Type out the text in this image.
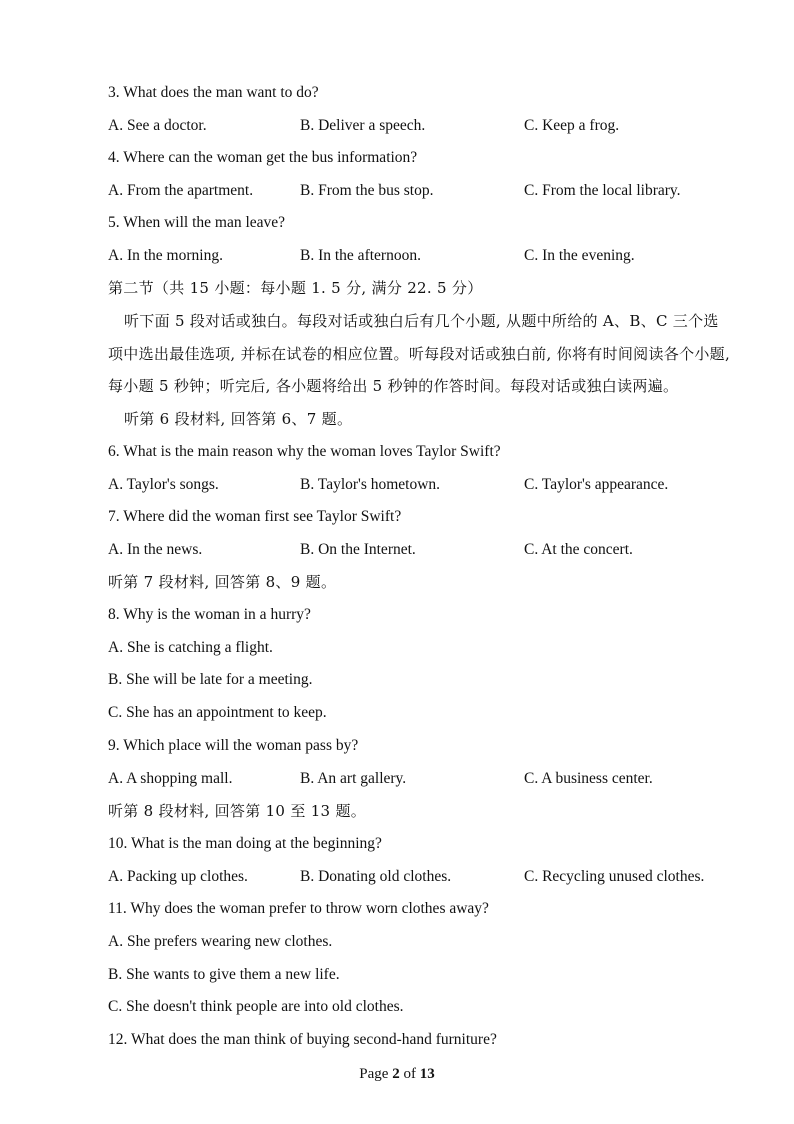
3. What does the man want to do?
A. See a doctor.	B. Deliver a speech.	C. Keep a frog.
4. Where can the woman get the bus information?
A. From the apartment.	B. From the bus stop.	C. From the local library.
5. When will the man leave?
A. In the morning.	B. In the afternoon.	C. In the evening.
第二节（共 15 小题：每小题 1. 5 分, 满分 22. 5 分）
听下面 5 段对话或独白。每段对话或独白后有几个小题, 从题中所给的 A、B、C 三个选
项中选出最佳选项, 并标在试卷的相应位置。听每段对话或独白前, 你将有时间阅读各个小题,
每小题 5 秒钟；听完后, 各小题将给出 5 秒钟的作答时间。每段对话或独白读两遍。
听第 6 段材料, 回答第 6、7 题。
6. What is the main reason why the woman loves Taylor Swift?
A. Taylor's songs.	B. Taylor's hometown.	C. Taylor's appearance.
7. Where did the woman first see Taylor Swift?
A. In the news.	B. On the Internet.	C. At the concert.
听第 7 段材料, 回答第 8、9 题。
8. Why is the woman in a hurry?
A. She is catching a flight.
B. She will be late for a meeting.
C. She has an appointment to keep.
9. Which place will the woman pass by?
A. A shopping mall.	B. An art gallery.	C. A business center.
听第 8 段材料, 回答第 10 至 13 题。
10. What is the man doing at the beginning?
A. Packing up clothes.	B. Donating old clothes.	C. Recycling unused clothes.
11. Why does the woman prefer to throw worn clothes away?
A. She prefers wearing new clothes.
B. She wants to give them a new life.
C. She doesn't think people are into old clothes.
12. What does the man think of buying second-hand furniture?
Page 2 of 13
